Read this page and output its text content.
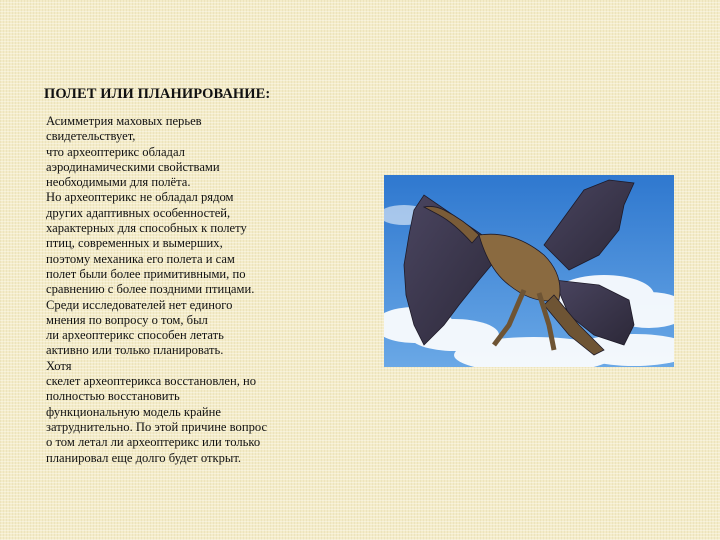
ПОЛЕТ ИЛИ ПЛАНИРОВАНИЕ:
Асимметрия маховых перьев
свидетельствует,
что археоптерикс обладал
аэродинамическими свойствами
необходимыми для полёта.
Но археоптерикс не обладал рядом
других адаптивных особенностей,
характерных для способных к полету
птиц, современных и вымерших,
поэтому механика его полета и сам
полет были более примитивными, по
сравнению с более поздними птицами.
Среди исследователей нет единого
мнения по вопросу о том, был
ли археоптерикс способен летать
активно или только планировать.
Хотя
скелет археоптерикса восстановлен, но
полностью восстановить
функциональную модель крайне
затруднительно. По этой причине вопрос
о том летал ли археоптерикс или только
планировал еще долго будет открыт.
